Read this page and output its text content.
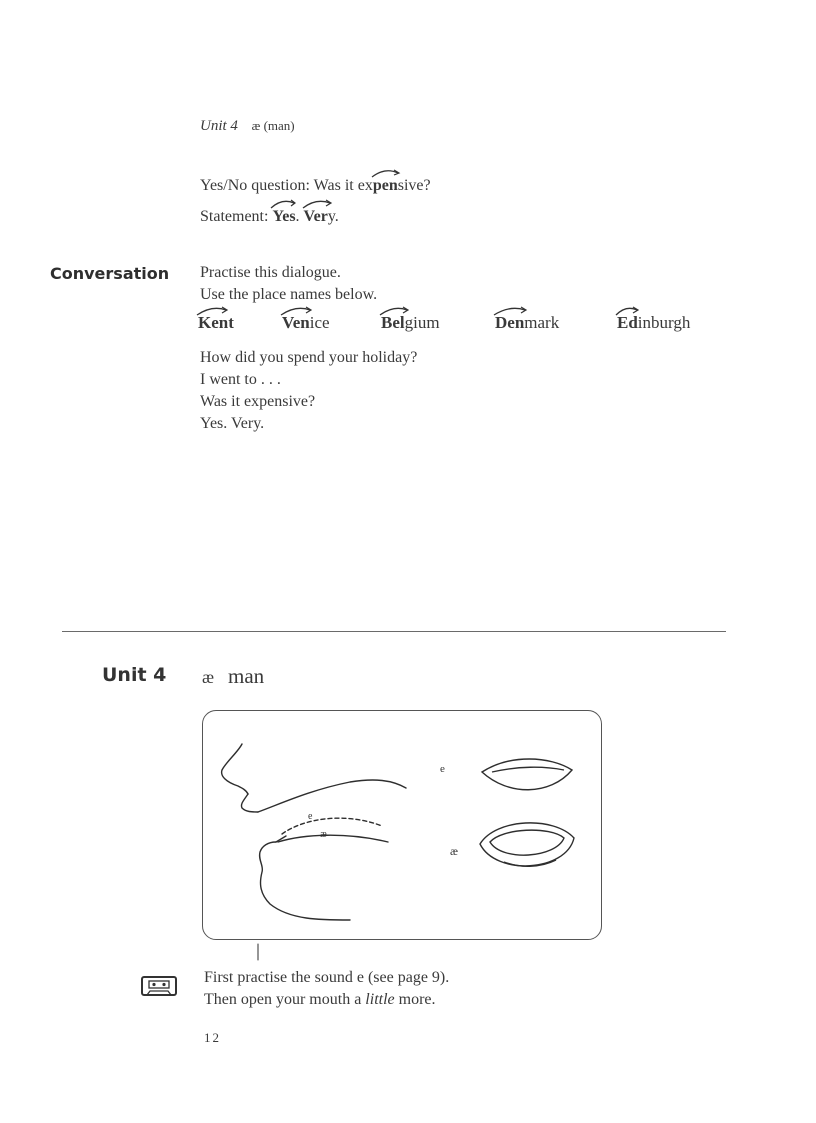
Unit 4 æ (man)
Yes/No question: Was it ex
pensive?
Statement: Yes.
Very.
Conversation Practise this dialogue.
Use the place names below.
Kent	Venice	Belgium	Denmark	Edinburgh
How did you spend your holiday?
I went to . . .
Was it expensive?
Yes. Very.
Unit 4 æ man
e
æ
e
æ
First practise the sound e (see page 9).
Then open your mouth a little more.
12
